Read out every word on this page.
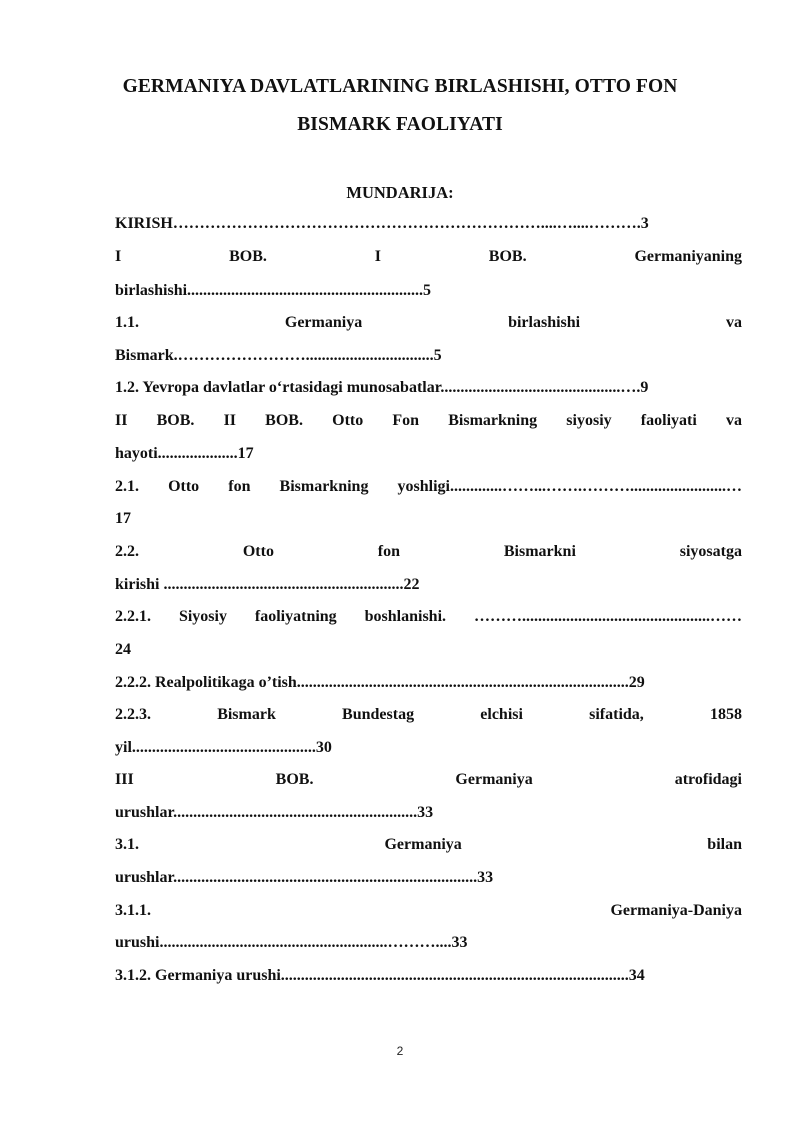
GERMANIYA DAVLATLARINING BIRLASHISHI, OTTO FON
BISMARK FAOLIYATI
MUNDARIJA:
KIRISH……………………………………………………………....…....……….3
I	BOB.	I	BOB.	Germaniyaning
birlashishi...........................................................5
1.1.	Germaniya	birlashishi	va
Bismark.……………………................................5
1.2. Yevropa davlatlar o‘rtasidagi munosabatlar.............................................….9
II BOB. II BOB. Otto Fon Bismarkning siyosiy faoliyati va
hayoti....................17
2.1. Otto fon Bismarkning yoshligi.............……...…….………........................…
17
2.2.	Otto	fon	Bismarkni	siyosatga
kirishi ............................................................22
2.2.1. Siyosiy faoliyatning boshlanishi. ………...............................................……
24
2.2.2. Realpolitikaga o’tish...................................................................................29
2.2.3.	Bismark	Bundestag	elchisi	sifatida,	1858
yil..............................................30
III	BOB.	Germaniya	atrofidagi
urushlar.............................................................33
3.1.	Germaniya	bilan
urushlar............................................................................33
3.1.1.	Germaniya-Daniya
urushi.........................................................………....33
3.1.2. Germaniya urushi.......................................................................................34
2
